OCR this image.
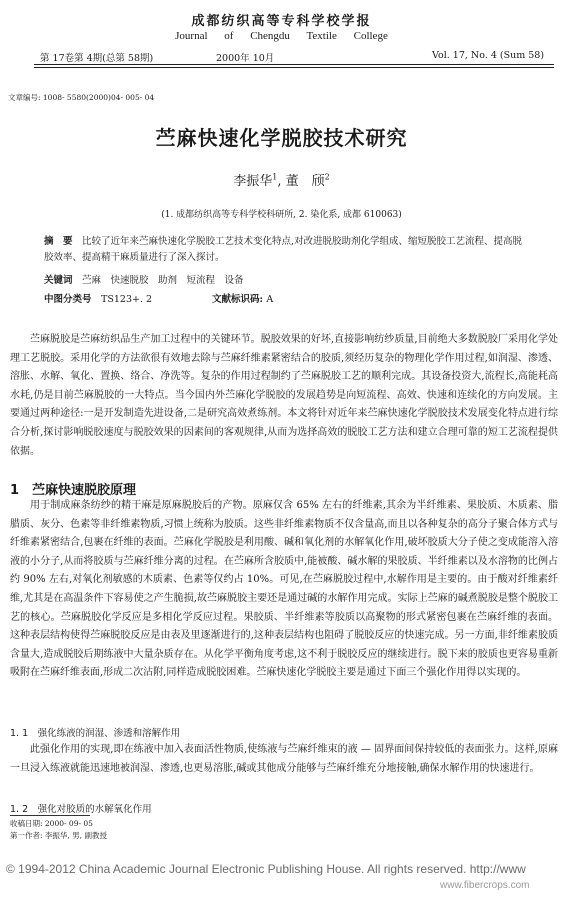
成都纺织高等专科学校学报
Journal of Chengdu Textile College
第 17卷第 4期(总第 58期)	2000年 10月	Vol. 17, No. 4 (Sum 58)
文章编号: 1008- 5580(2000)04- 005- 04
苎麻快速化学脱胶技术研究
李振华$^1$, 董　颀$^2$
(1. 成都纺织高等专科学校科研所, 2. 染化系, 成都 610063)
摘　要　比较了近年来苎麻快速化学脱胶工艺技术变化特点,对改进脱胶助剂化学组成、缩短脱胶工艺流程、提高脱胶效率、提高精干麻质量进行了深入探讨。
关键词　苎麻　快速脱胶　助剂　短流程　设备
中图分类号　TS123+. 2	文献标识码: A
苎麻脱胶是苎麻纺织品生产加工过程中的关键环节。脱胶效果的好坏,直接影响纺纱质量,目前绝大多数脱胶厂采用化学处理工艺脱胶。采用化学的方法欲很有效地去除与苎麻纤维素紧密结合的胶质,须经历复杂的物理化学作用过程,如润湿、渗透、溶胀、水解、氧化、置换、络合、净洗等。复杂的作用过程制约了苎麻脱胶工艺的顺利完成。其设备投资大,流程长,高能耗高水耗,仍是目前苎麻脱胶的一大特点。当今国内外苎麻化学脱胶的发展趋势是向短流程、高效、快速和连续化的方向发展。主要通过两种途径:一是开发制造先进设备,二是研究高效煮练剂。本文将针对近年来苎麻快速化学脱胶技术发展变化特点进行综合分析,探讨影响脱胶速度与脱胶效果的因素间的客观规律,从而为选择高效的脱胶工艺方法和建立合理可靠的短工艺流程提供依据。
1　苎麻快速脱胶原理
用于制成麻条纺纱的精干麻是原麻脱胶后的产物。原麻仅含 65% 左右的纤维素,其余为半纤维素、果胶质、木质素、脂腊质、灰分、色素等非纤维素物质,习惯上统称为胶质。这些非纤维素物质不仅含量高,而且以各种复杂的高分子聚合体方式与纤维素紧密结合,包裹在纤维的表面。苎麻化学脱胶是利用酸、碱和氧化剂的水解氧化作用,破坏胶质大分子使之变成能溶入溶液的小分子,从而将胶质与苎麻纤维分离的过程。在苎麻所含胶质中,能被酸、碱水解的果胶质、半纤维素以及水溶物的比例占约 90% 左右,对氧化剂敏感的木质素、色素等仅约占 10%。可见,在苎麻脱胶过程中,水解作用是主要的。由于酸对纤维素纤维,尤其是在高温条件下容易使之产生脆损,故苎麻脱胶主要还是通过碱的水解作用完成。实际上苎麻的碱煮脱胶是整个脱胶工艺的核心。苎麻脱胶化学反应是多相化学反应过程。果胶质、半纤维素等胶质以高聚物的形式紧密包裹在苎麻纤维的表面。这种表层结构使得苎麻脱胶反应是由表及里逐渐进行的,这种表层结构也阻碍了脱胶反应的快速完成。另一方面,非纤维素胶质含量大,造成脱胶后期练液中大量杂质存在。从化学平衡角度考虑,这不利于脱胶反应的继续进行。脱下来的胶质也更容易重新吸附在苎麻纤维表面,形成二次沾附,同样造成脱胶困难。苎麻快速化学脱胶主要是通过下面三个强化作用得以实现的。
1. 1　强化练液的润湿、渗透和溶解作用
此强化作用的实现,即在练液中加入表面活性物质,使练液与苎麻纤维束的液 — 固界面间保持较低的表面张力。这样,原麻一旦浸入练液就能迅速地被润湿、渗透,也更易溶胀,碱或其他成分能够与苎麻纤维充分地接触,确保水解作用的快速进行。
1. 2　强化对胶质的水解氧化作用
收稿日期: 2000- 09- 05
第一作者: 李振华, 男, 副教授
© 1994-2012 China Academic Journal Electronic Publishing House. All rights reserved. http://www
www.fibercrops.com
